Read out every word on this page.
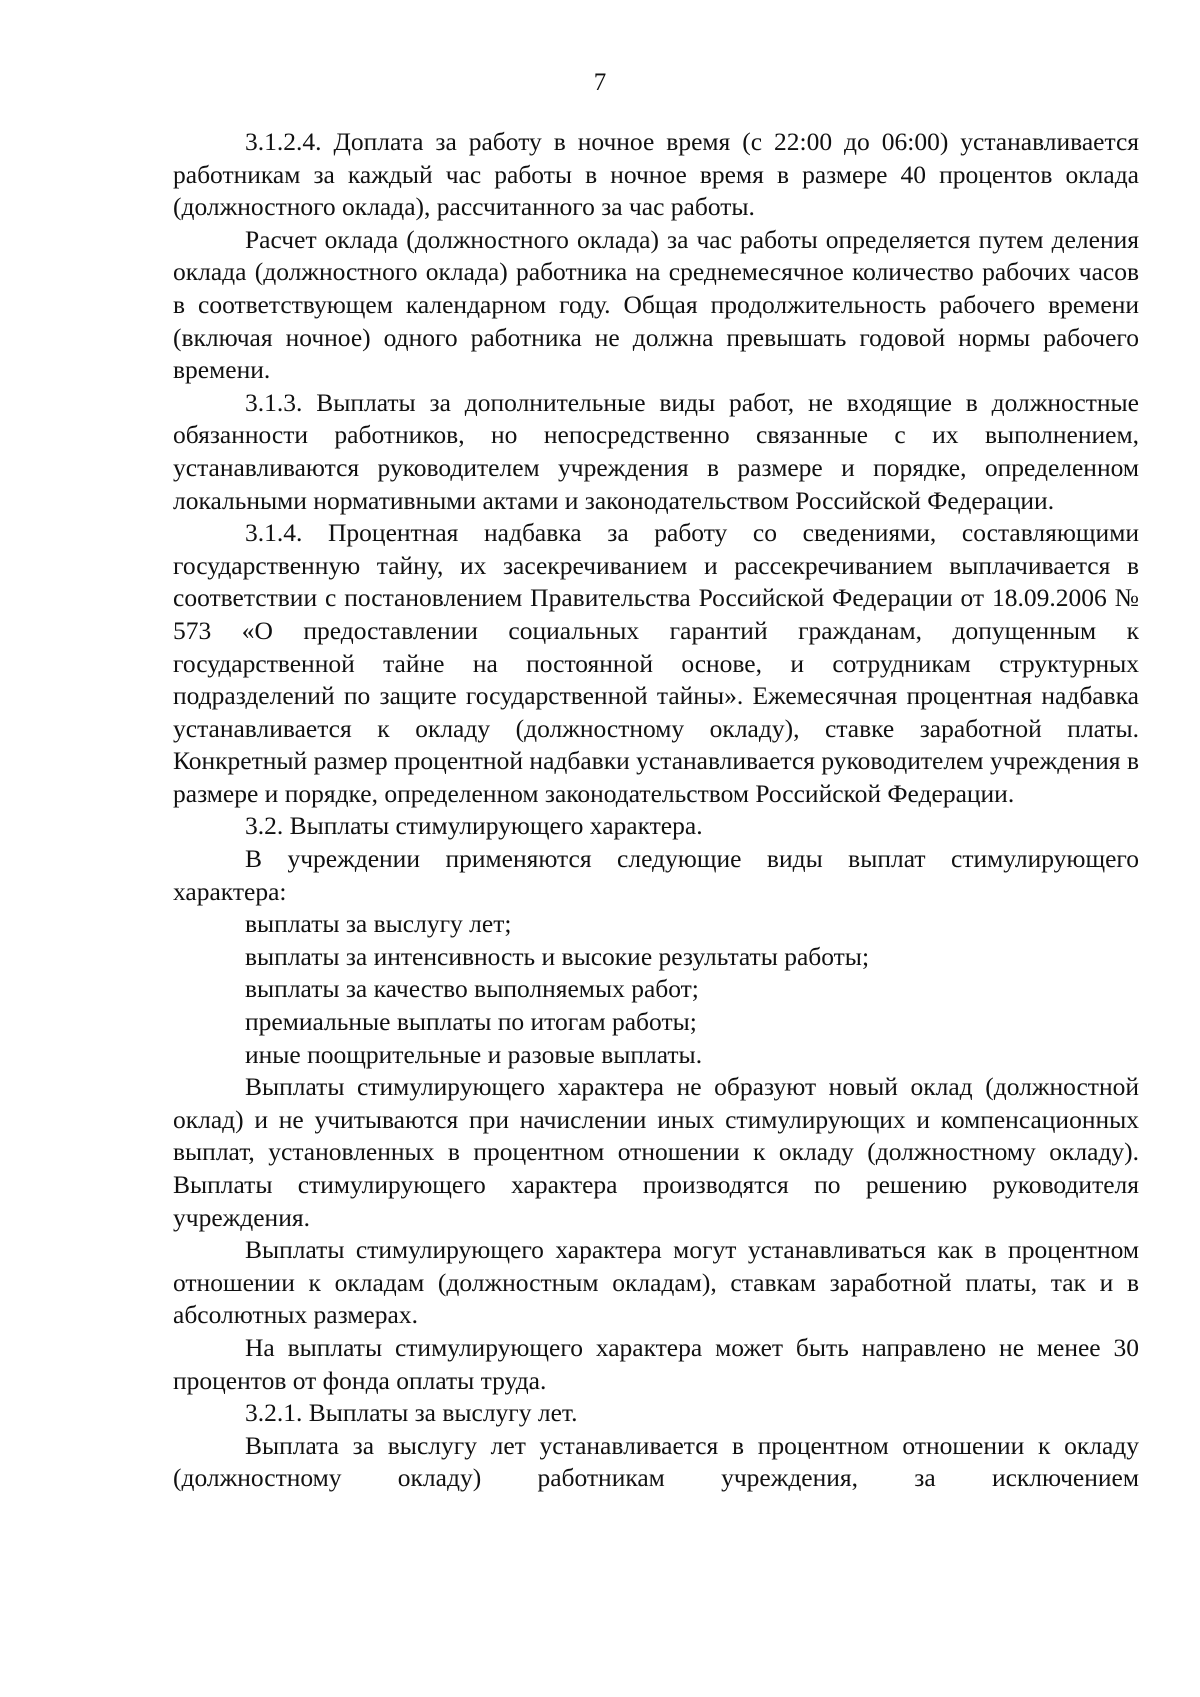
7

3.1.2.4. Доплата за работу в ночное время (с 22:00 до 06:00) устанавливается работникам за каждый час работы в ночное время в размере 40 процентов оклада (должностного оклада), рассчитанного за час работы.

Расчет оклада (должностного оклада) за час работы определяется путем деления оклада (должностного оклада) работника на среднемесячное количество рабочих часов в соответствующем календарном году. Общая продолжительность рабочего времени (включая ночное) одного работника не должна превышать годовой нормы рабочего времени.

3.1.3. Выплаты за дополнительные виды работ, не входящие в должностные обязанности работников, но непосредственно связанные с их выполнением, устанавливаются руководителем учреждения в размере и порядке, определенном локальными нормативными актами и законодательством Российской Федерации.

3.1.4. Процентная надбавка за работу со сведениями, составляющими государственную тайну, их засекречиванием и рассекречиванием выплачивается в соответствии с постановлением Правительства Российской Федерации от 18.09.2006 № 573 «О предоставлении социальных гарантий гражданам, допущенным к государственной тайне на постоянной основе, и сотрудникам структурных подразделений по защите государственной тайны». Ежемесячная процентная надбавка устанавливается к окладу (должностному окладу), ставке заработной платы. Конкретный размер процентной надбавки устанавливается руководителем учреждения в размере и порядке, определенном законодательством Российской Федерации.

3.2. Выплаты стимулирующего характера.

В учреждении применяются следующие виды выплат стимулирующего характера:

выплаты за выслугу лет;

выплаты за интенсивность и высокие результаты работы;

выплаты за качество выполняемых работ;

премиальные выплаты по итогам работы;

иные поощрительные и разовые выплаты.

Выплаты стимулирующего характера не образуют новый оклад (должностной оклад) и не учитываются при начислении иных стимулирующих и компенсационных выплат, установленных в процентном отношении к окладу (должностному окладу). Выплаты стимулирующего характера производятся по решению руководителя учреждения.

Выплаты стимулирующего характера могут устанавливаться как в процентном отношении к окладам (должностным окладам), ставкам заработной платы, так и в абсолютных размерах.

На выплаты стимулирующего характера может быть направлено не менее 30 процентов от фонда оплаты труда.

3.2.1. Выплаты за выслугу лет.

Выплата за выслугу лет устанавливается в процентном отношении к окладу (должностному окладу) работникам учреждения, за исключением
